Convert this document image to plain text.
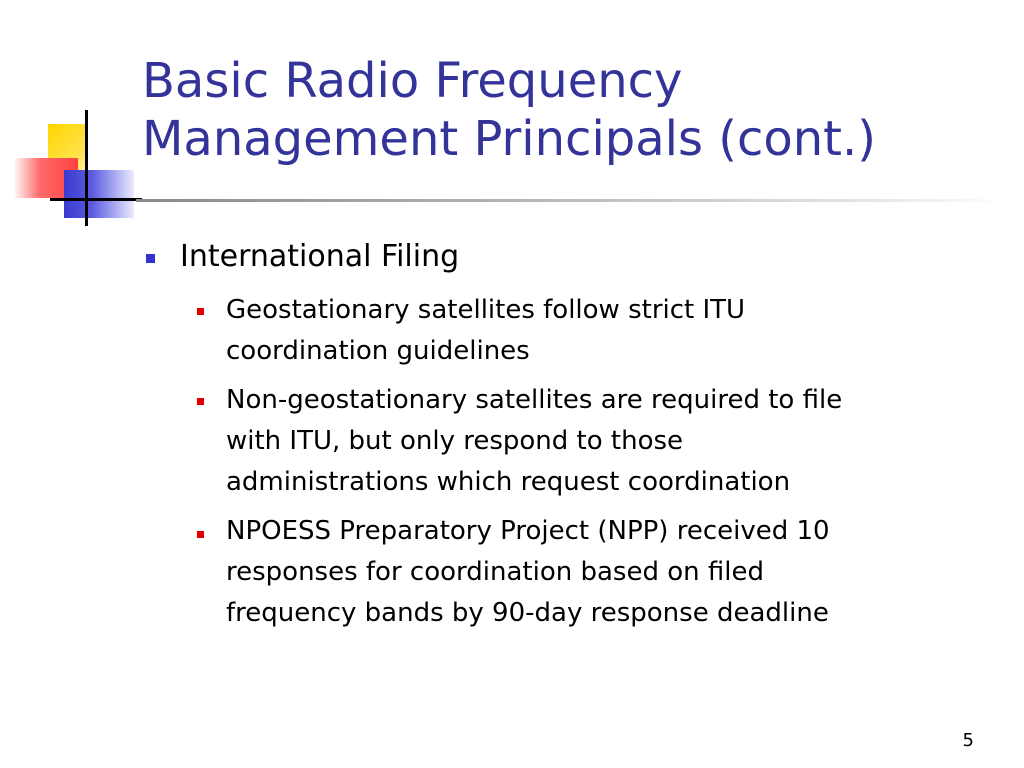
Basic Radio Frequency
Management Principals (cont.)
International Filing
Geostationary satellites follow strict ITU
coordination guidelines
Non-geostationary satellites are required to file
with ITU, but only respond to those
administrations which request coordination
NPOESS Preparatory Project (NPP) received 10
responses for coordination based on filed
frequency bands by 90-day response deadline
5
